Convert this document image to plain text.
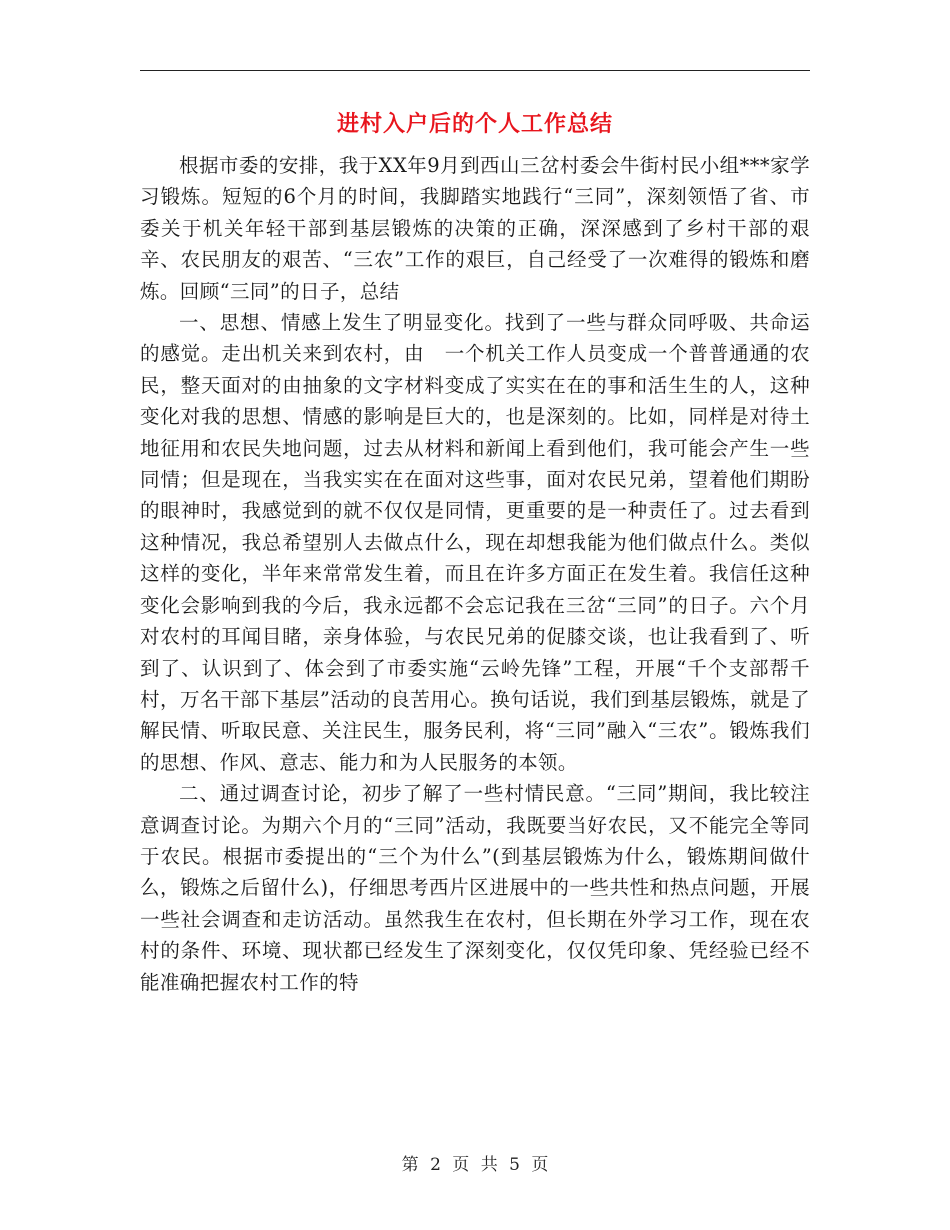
进村入户后的个人工作总结

根据市委的安排，我于XX年9月到西山三岔村委会牛街村民小组***家学习锻炼。短短的6个月的时间，我脚踏实地践行“三同”，深刻领悟了省、市委关于机关年轻干部到基层锻炼的决策的正确，深深感到了乡村干部的艰辛、农民朋友的艰苦、“三农”工作的艰巨，自己经受了一次难得的锻炼和磨炼。回顾“三同”的日子，总结

一、思想、情感上发生了明显变化。找到了一些与群众同呼吸、共命运的感觉。走出机关来到农村，由　一个机关工作人员变成一个普普通通的农民，整天面对的由抽象的文字材料变成了实实在在的事和活生生的人，这种变化对我的思想、情感的影响是巨大的，也是深刻的。比如，同样是对待土地征用和农民失地问题，过去从材料和新闻上看到他们，我可能会产生一些同情；但是现在，当我实实在在面对这些事，面对农民兄弟，望着他们期盼的眼神时，我感觉到的就不仅仅是同情，更重要的是一种责任了。过去看到这种情况，我总希望别人去做点什么，现在却想我能为他们做点什么。类似这样的变化，半年来常常发生着，而且在许多方面正在发生着。我信任这种变化会影响到我的今后，我永远都不会忘记我在三岔“三同”的日子。六个月对农村的耳闻目睹，亲身体验，与农民兄弟的促膝交谈，也让我看到了、听到了、认识到了、体会到了市委实施“云岭先锋”工程，开展“千个支部帮千村，万名干部下基层”活动的良苦用心。换句话说，我们到基层锻炼，就是了解民情、听取民意、关注民生，服务民利，将“三同”融入“三农”。锻炼我们的思想、作风、意志、能力和为人民服务的本领。

二、通过调查讨论，初步了解了一些村情民意。“三同”期间，我比较注意调查讨论。为期六个月的“三同”活动，我既要当好农民，又不能完全等同于农民。根据市委提出的“三个为什么”(到基层锻炼为什么，锻炼期间做什么，锻炼之后留什么)，仔细思考西片区进展中的一些共性和热点问题，开展一些社会调查和走访活动。虽然我生在农村，但长期在外学习工作，现在农村的条件、环境、现状都已经发生了深刻变化，仅仅凭印象、凭经验已经不能准确把握农村工作的特

第 2 页 共 5 页
